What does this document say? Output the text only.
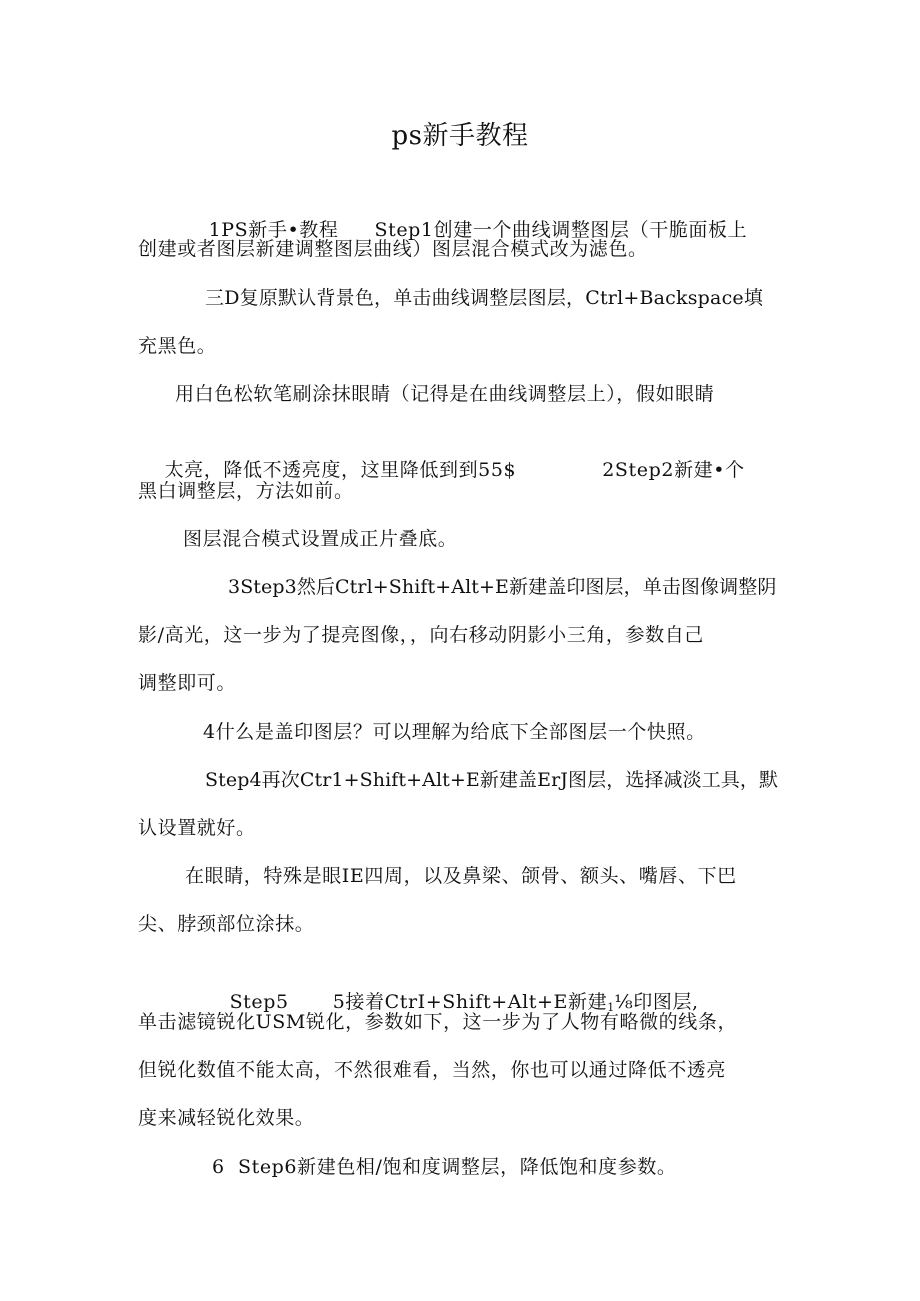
ps新手教程

1PS新手•教程 Step1创建一个曲线调整图层（干脆面板上

创建或者图层新建调整图层曲线）图层混合模式改为滤色。
三D复原默认背景色，单击曲线调整层图层，Ctrl+Backspace填
充黑色。
用白色松软笔刷涂抹眼睛（记得是在曲线调整层上），假如眼睛

太亮，降低不透亮度，这里降低到到55$	2Step2新建•个

黑白调整层，方法如前。
图层混合模式设置成正片叠底。
3Step3然后Ctrl+Shift+Alt+E新建盖印图层，单击图像调整阴
影/高光，这一步为了提亮图像，，向右移动阴影小三角，参数自己
调整即可。
4什么是盖印图层？可以理解为给底下全部图层一个快照。
Step4再次Ctr1+Shift+Alt+E新建盖ErJ图层，选择减淡工具，默
认设置就好。
在眼睛，特殊是眼IE四周，以及鼻梁、颌骨、额头、嘴唇、下巴
尖、脖颈部位涂抹。

Step5 5接着CtrI+Shift+Alt+E新建$_1$⅛印图层,

单击滤镜锐化USM锐化，参数如下，这一步为了人物有略微的线条，
但锐化数值不能太高，不然很难看，当然，你也可以通过降低不透亮
度来减轻锐化效果。
6  Step6新建色相/饱和度调整层，降低饱和度参数。
